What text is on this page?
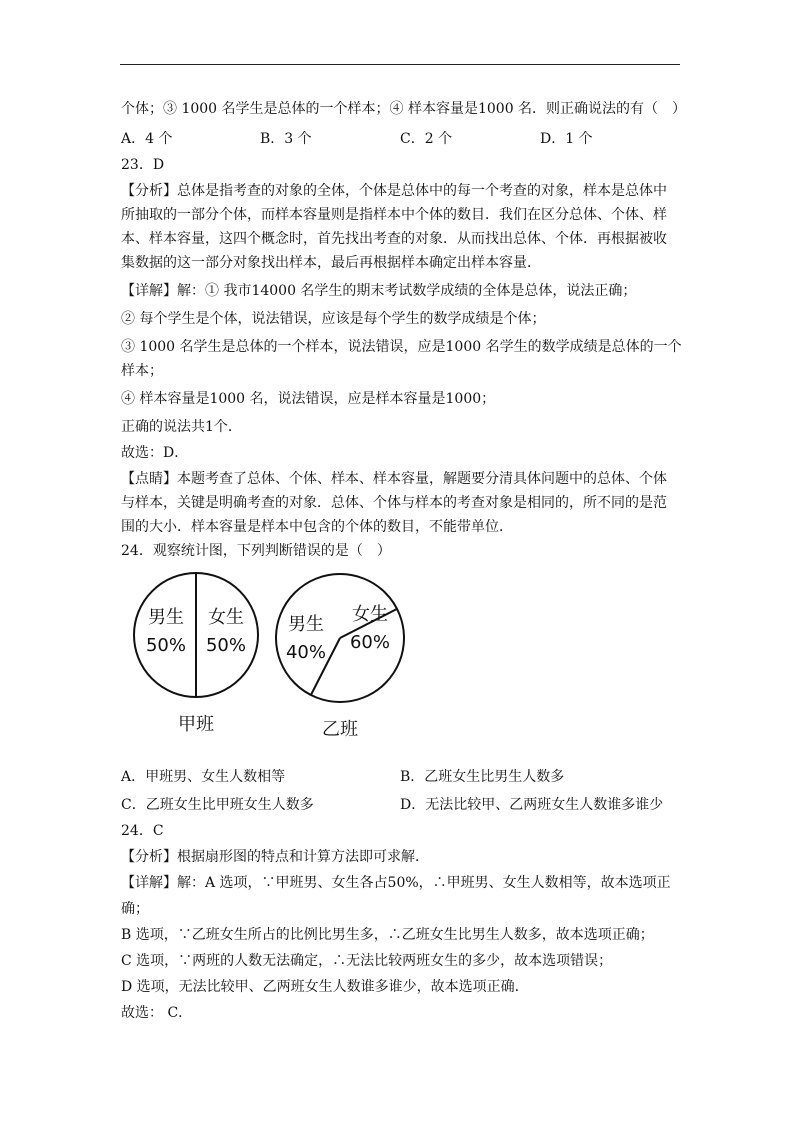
个体；③ 1000 名学生是总体的一个样本；④ 样本容量是1000 名．则正确说法的有（　）
A．4 个	B．3 个	C．2 个	D．1 个
23．D
【分析】总体是指考查的对象的全体，个体是总体中的每一个考查的对象，样本是总体中
所抽取的一部分个体，而样本容量则是指样本中个体的数目．我们在区分总体、个体、样
本、样本容量，这四个概念时，首先找出考查的对象．从而找出总体、个体．再根据被收
集数据的这一部分对象找出样本，最后再根据样本确定出样本容量．
【详解】解：① 我市14000 名学生的期末考试数学成绩的全体是总体，说法正确；
② 每个学生是个体，说法错误，应该是每个学生的数学成绩是个体；
③ 1000 名学生是总体的一个样本，说法错误，应是1000 名学生的数学成绩是总体的一个
样本；
④ 样本容量是1000 名，说法错误，应是样本容量是1000；
正确的说法共1个．
故选：D．
【点睛】本题考查了总体、个体、样本、样本容量，解题要分清具体问题中的总体、个体
与样本，关键是明确考查的对象．总体、个体与样本的考查对象是相同的，所不同的是范
围的大小．样本容量是样本中包含的个体的数目，不能带单位．
24．观察统计图，下列判断错误的是（　）
男生
50%
女生
50%
甲班
男生
40%
女生
60%
乙班
A．甲班男、女生人数相等	B．乙班女生比男生人数多
C．乙班女生比甲班女生人数多	D．无法比较甲、乙两班女生人数谁多谁少
24．C
【分析】根据扇形图的特点和计算方法即可求解．
【详解】解：A 选项，∵甲班男、女生各占50%，∴甲班男、女生人数相等，故本选项正
确；
B 选项，∵乙班女生所占的比例比男生多，∴乙班女生比男生人数多，故本选项正确；
C 选项，∵两班的人数无法确定，∴无法比较两班女生的多少，故本选项错误；
D 选项，无法比较甲、乙两班女生人数谁多谁少，故本选项正确．
故选： C．
